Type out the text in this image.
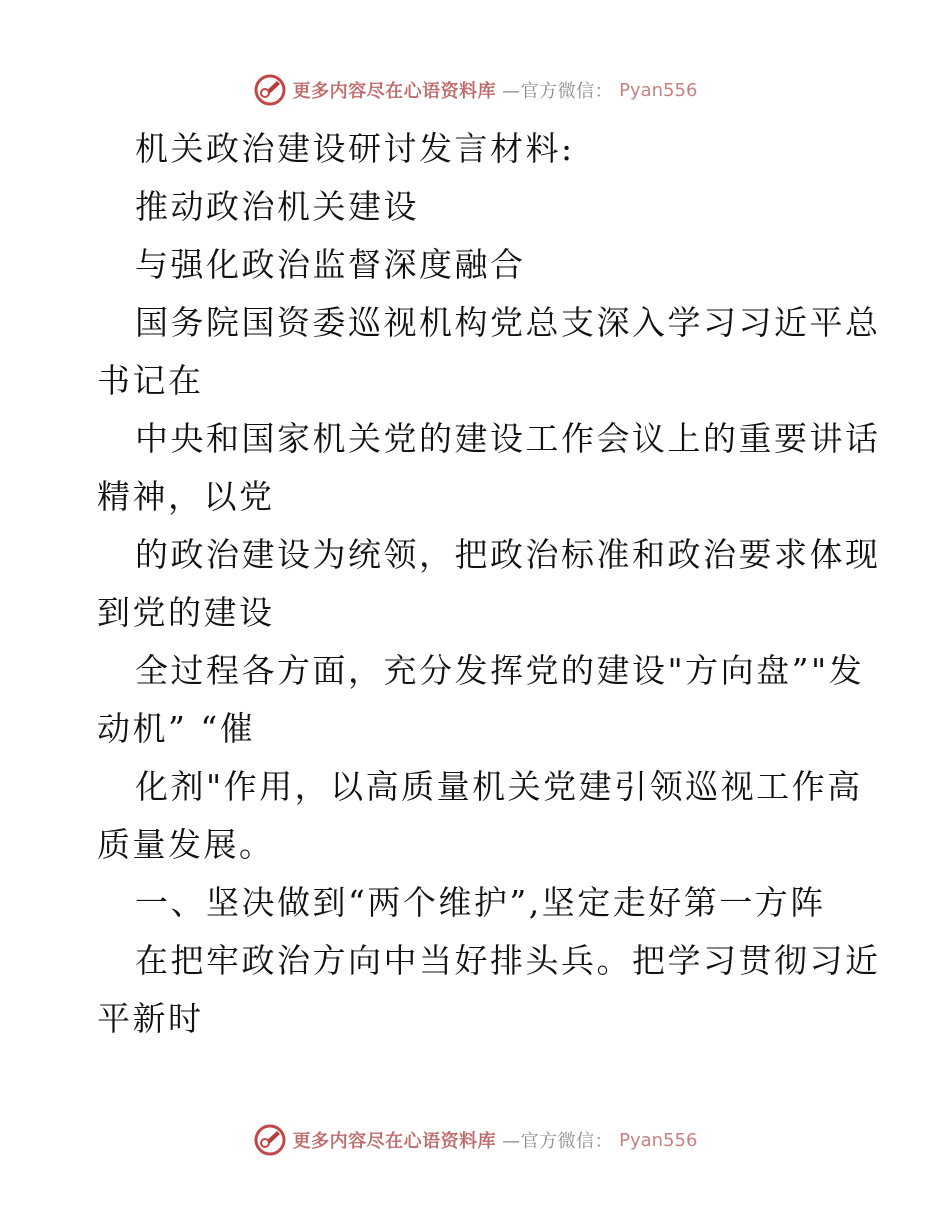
更多内容尽在心语资料库 —官方微信： Pyan556
机关政治建设研讨发言材料:
推动政治机关建设
与强化政治监督深度融合
国务院国资委巡视机构党总支深入学习习近平总
书记在
中央和国家机关党的建设工作会议上的重要讲话
精神，以党
的政治建设为统领，把政治标准和政治要求体现
到党的建设
全过程各方面，充分发挥党的建设"方向盘”"发
动机” “催
化剂"作用，以高质量机关党建引领巡视工作高
质量发展。
一、坚决做到“两个维护”,坚定走好第一方阵
在把牢政治方向中当好排头兵。把学习贯彻习近
平新时
更多内容尽在心语资料库 —官方微信： Pyan556
